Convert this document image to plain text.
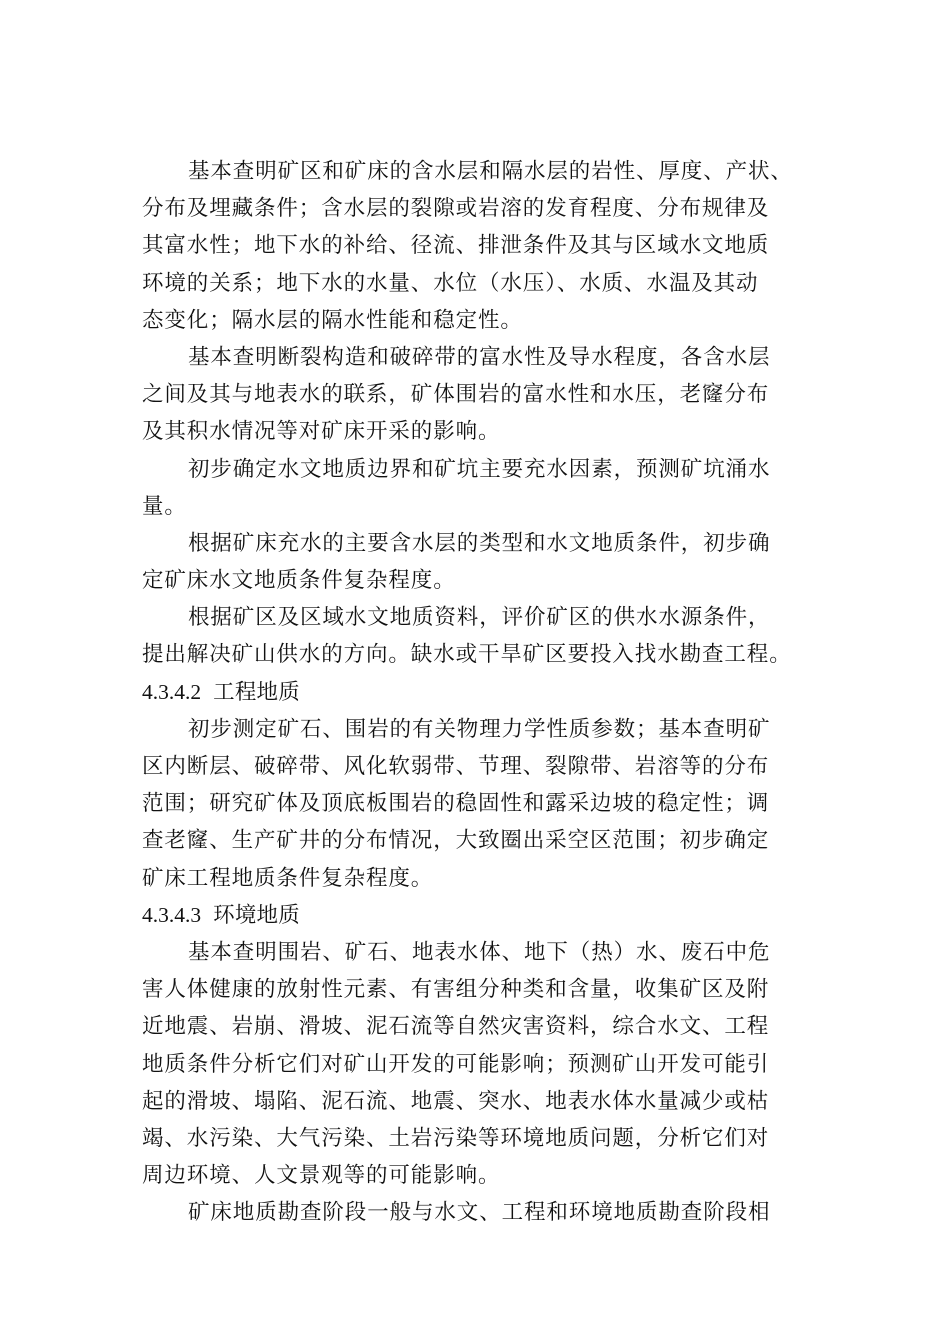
基本查明矿区和矿床的含水层和隔水层的岩性、厚度、产状、
分布及埋藏条件；含水层的裂隙或岩溶的发育程度、分布规律及
其富水性；地下水的补给、径流、排泄条件及其与区域水文地质
环境的关系；地下水的水量、水位（水压）、水质、水温及其动
态变化；隔水层的隔水性能和稳定性。
基本查明断裂构造和破碎带的富水性及导水程度，各含水层
之间及其与地表水的联系，矿体围岩的富水性和水压，老窿分布
及其积水情况等对矿床开采的影响。
初步确定水文地质边界和矿坑主要充水因素，预测矿坑涌水
量。
根据矿床充水的主要含水层的类型和水文地质条件，初步确
定矿床水文地质条件复杂程度。
根据矿区及区域水文地质资料，评价矿区的供水水源条件，
提出解决矿山供水的方向。缺水或干旱矿区要投入找水勘查工程。
4.3.4.2 工程地质
初步测定矿石、围岩的有关物理力学性质参数；基本查明矿
区内断层、破碎带、风化软弱带、节理、裂隙带、岩溶等的分布
范围；研究矿体及顶底板围岩的稳固性和露采边坡的稳定性；调
查老窿、生产矿井的分布情况，大致圈出采空区范围；初步确定
矿床工程地质条件复杂程度。
4.3.4.3 环境地质
基本查明围岩、矿石、地表水体、地下（热）水、废石中危
害人体健康的放射性元素、有害组分种类和含量，收集矿区及附
近地震、岩崩、滑坡、泥石流等自然灾害资料，综合水文、工程
地质条件分析它们对矿山开发的可能影响；预测矿山开发可能引
起的滑坡、塌陷、泥石流、地震、突水、地表水体水量减少或枯
竭、水污染、大气污染、土岩污染等环境地质问题，分析它们对
周边环境、人文景观等的可能影响。
矿床地质勘查阶段一般与水文、工程和环境地质勘查阶段相
